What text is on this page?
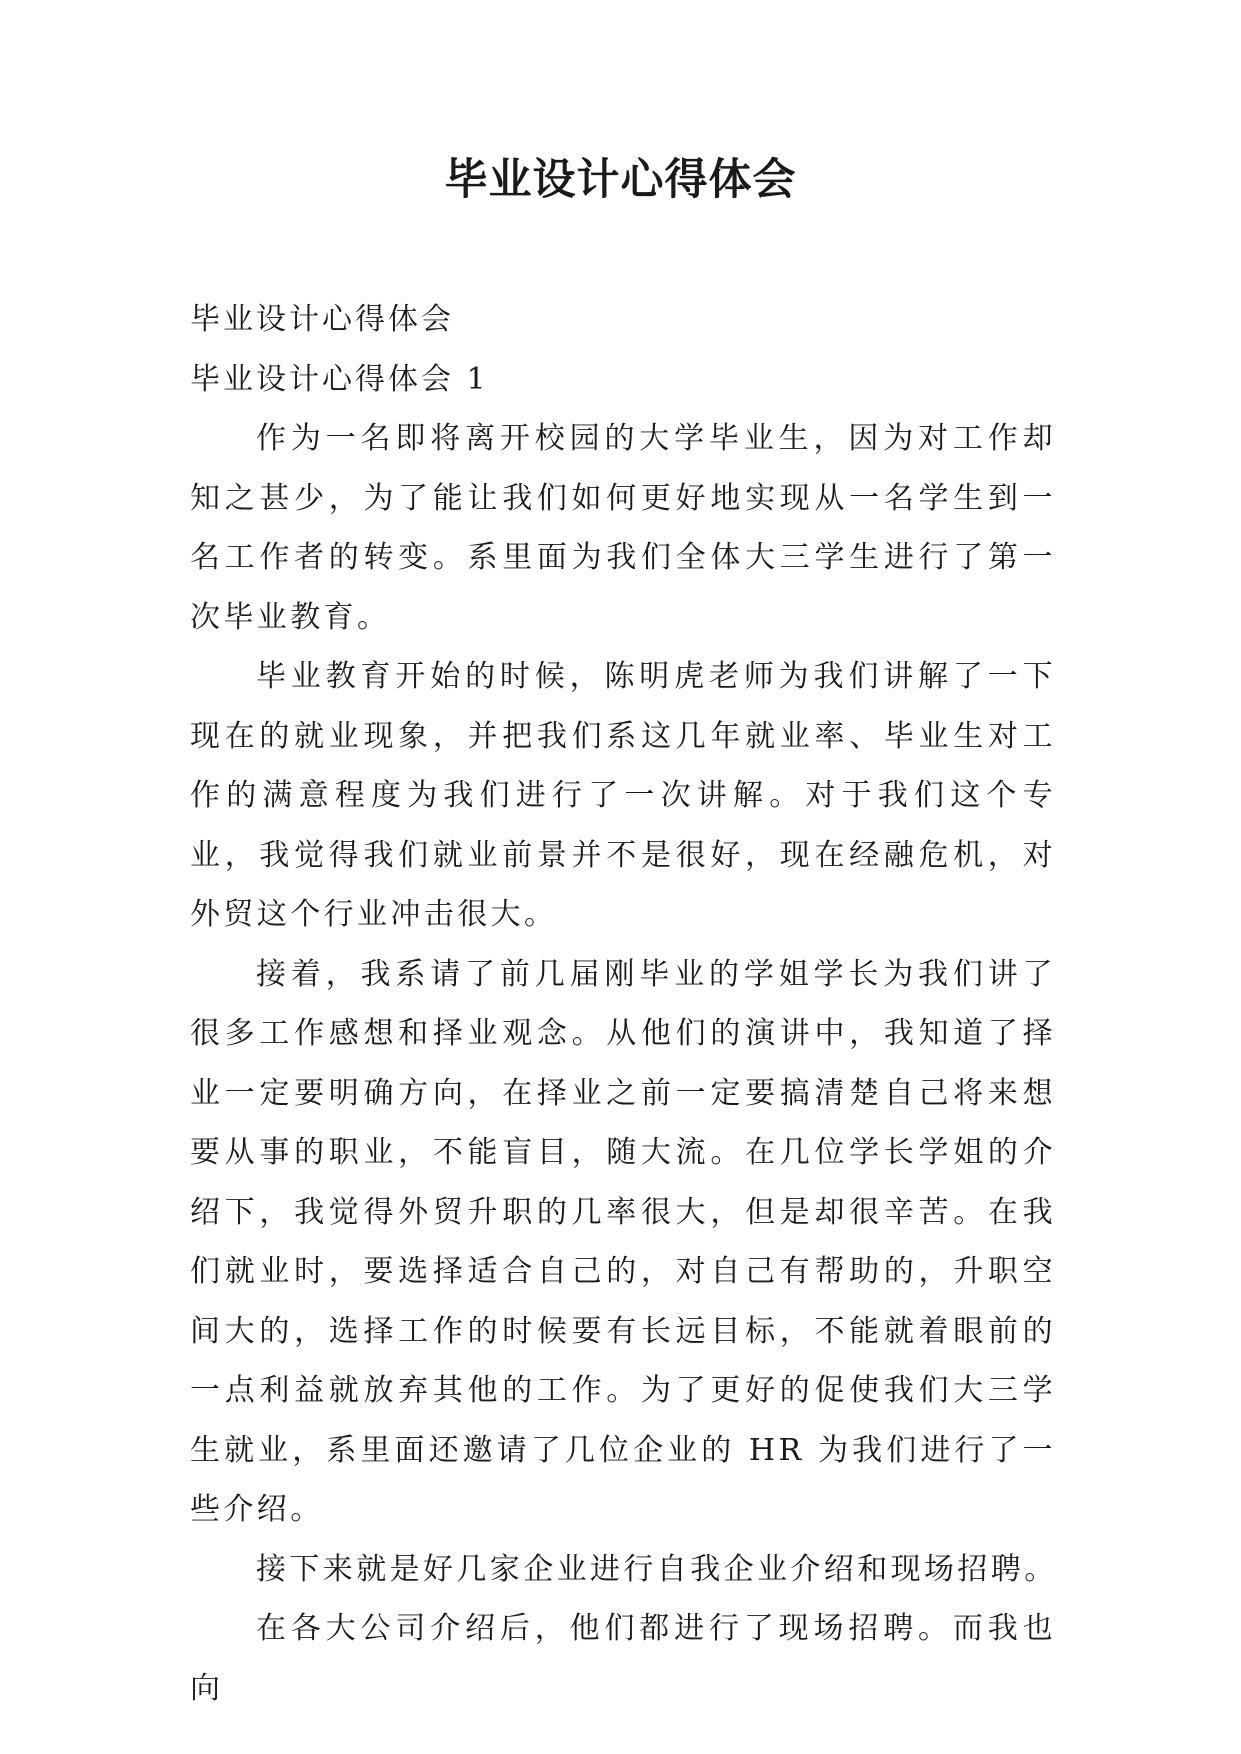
毕业设计心得体会

毕业设计心得体会

毕业设计心得体会 1

作为一名即将离开校园的大学毕业生，因为对工作却知之甚少，为了能让我们如何更好地实现从一名学生到一名工作者的转变。系里面为我们全体大三学生进行了第一次毕业教育。

毕业教育开始的时候，陈明虎老师为我们讲解了一下现在的就业现象，并把我们系这几年就业率、毕业生对工作的满意程度为我们进行了一次讲解。对于我们这个专业，我觉得我们就业前景并不是很好，现在经融危机，对外贸这个行业冲击很大。

接着，我系请了前几届刚毕业的学姐学长为我们讲了很多工作感想和择业观念。从他们的演讲中，我知道了择业一定要明确方向，在择业之前一定要搞清楚自己将来想要从事的职业，不能盲目，随大流。在几位学长学姐的介绍下，我觉得外贸升职的几率很大，但是却很辛苦。在我们就业时，要选择适合自己的，对自己有帮助的，升职空间大的，选择工作的时候要有长远目标，不能就着眼前的一点利益就放弃其他的工作。为了更好的促使我们大三学生就业，系里面还邀请了几位企业的 HR 为我们进行了一些介绍。

接下来就是好几家企业进行自我企业介绍和现场招聘。

在各大公司介绍后，他们都进行了现场招聘。而我也向
